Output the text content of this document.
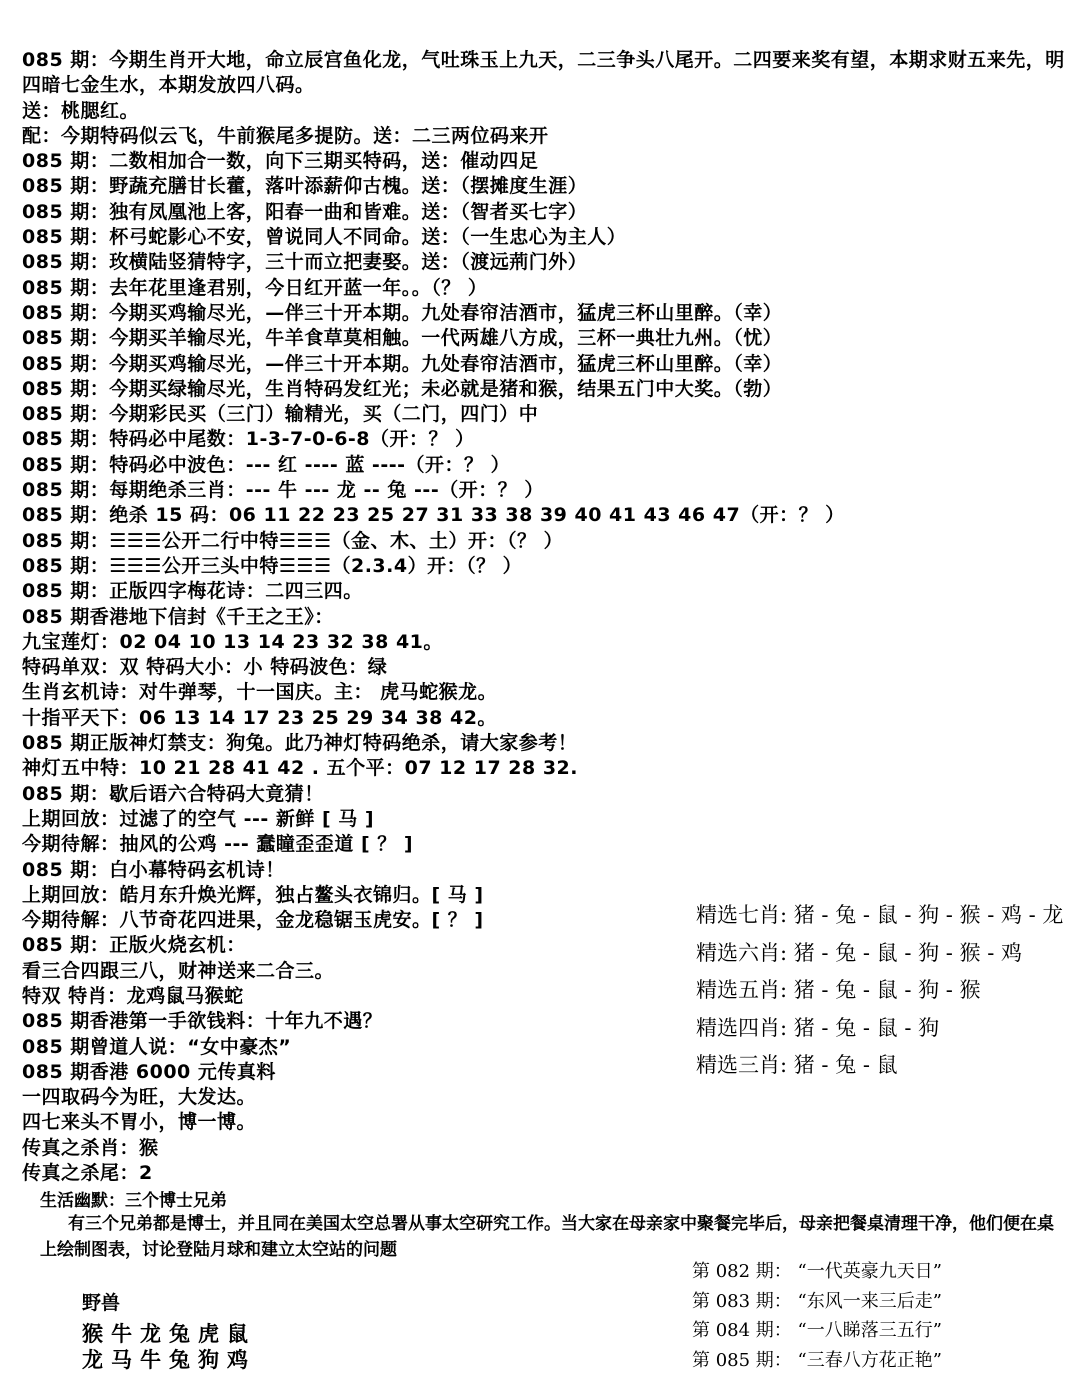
085 期：今期生肖开大地，命立辰宫鱼化龙，气吐珠玉上九天，二三争头八尾开。二四要来奖有望，本期求财五来先，明四暗七金生水，本期发放四八码。
送：桃腮红。
配：今期特码似云飞，牛前猴尾多提防。送：二三两位码来开
085 期：二数相加合一数，向下三期买特码，送：催动四足
085 期：野蔬充膳甘长藿，落叶添薪仰古槐。送：（摆摊度生涯）
085 期：独有凤凰池上客，阳春一曲和皆难。送：（智者买七字）
085 期：杯弓蛇影心不安，曾说同人不同命。送：（一生忠心为主人）
085 期：玫横陆竖猜特字，三十而立把妻娶。送：（渡远荊门外）
085 期：去年花里逢君别，今日红开蓝一年。。（？ ）
085 期：今期买鸡输尽光，—伴三十开本期。九处春帘洁酒市，猛虎三杯山里醉。（幸）
085 期：今期买羊输尽光，牛羊食草莫相触。一代两雄八方成，三杯一典壮九州。（忧）
085 期：今期买鸡输尽光，—伴三十开本期。九处春帘洁酒市，猛虎三杯山里醉。（幸）
085 期：今期买绿输尽光，生肖特码发红光；未必就是猪和猴，结果五门中大奖。（勃）
085 期：今期彩民买（三门）输精光，买（二门，四门）中
085 期：特码必中尾数：1-3-7-0-6-8（开：？ ）
085 期：特码必中波色：--- 红 ---- 蓝 ----（开：？ ）
085 期：每期绝杀三肖：--- 牛 --- 龙 -- 兔 ---（开：？ ）
085 期：绝杀 15 码：06 11 22 23 25 27 31 33 38 39 40 41 43 46 47（开：？ ）
085 期：☰☰☰公开二行中特☰☰☰（金、木、土）开：（？ ）
085 期：☰☰☰公开三头中特☰☰☰（2.3.4）开：（？ ）
085 期：正版四字梅花诗：二四三四。
085 期香港地下信封《千王之王》：
九宝莲灯：02 04 10 13 14 23 32 38 41。
特码单双：双 特码大小：小 特码波色：绿
生肖玄机诗：对牛弹琴，十一国庆。主： 虎马蛇猴龙。
十指平天下：06 13 14 17 23 25 29 34 38 42。
085 期正版神灯禁支：狗兔。此乃神灯特码绝杀，请大家参考！
神灯五中特：10 21 28 41 42 . 五个平：07 12 17 28 32.
085 期：歇后语六合特码大竟猜！
上期回放：过滤了的空气 --- 新鲜 [ 马 ]
今期待解：抽风的公鸡 --- 蠢瞳歪歪道 [ ？ ]
085 期：白小幕特码玄机诗！
上期回放：皓月东升焕光辉，独占鳌头衣锦归。[ 马 ]
今期待解：八节奇花四进果，金龙稳锯玉虎安。[ ？ ]
085 期：正版火烧玄机：
看三合四跟三八，财神送来二合三。
特双 特肖：龙鸡鼠马猴蛇
085 期香港第一手欲钱料：十年九不遇？
085 期曾道人说：“女中豪杰”
085 期香港 6000 元传真料
一四取码今为旺，大发达。
四七来头不胃小，博一博。
传真之杀肖：猴
传真之杀尾：2
精选七肖: 猪 - 兔 - 鼠 - 狗 - 猴 - 鸡 - 龙
精选六肖: 猪 - 兔 - 鼠 - 狗 - 猴 - 鸡
精选五肖: 猪 - 兔 - 鼠 - 狗 - 猴
精选四肖: 猪 - 兔 - 鼠 - 狗
精选三肖: 猪 - 兔 - 鼠
生活幽默：三个博士兄弟
有三个兄弟都是博士，并且同在美国太空总署从事太空研究工作。当大家在母亲家中聚餐完毕后，母亲把餐桌清理干净，他们便在桌上绘制图表，讨论登陆月球和建立太空站的问题
野兽
猴牛龙兔虎鼠
龙马牛兔狗鸡
第 082 期： “一代英豪九天日”
第 083 期： “东风一来三后走”
第 084 期： “一八睇落三五行”
第 085 期： “三春八方花正艳”
